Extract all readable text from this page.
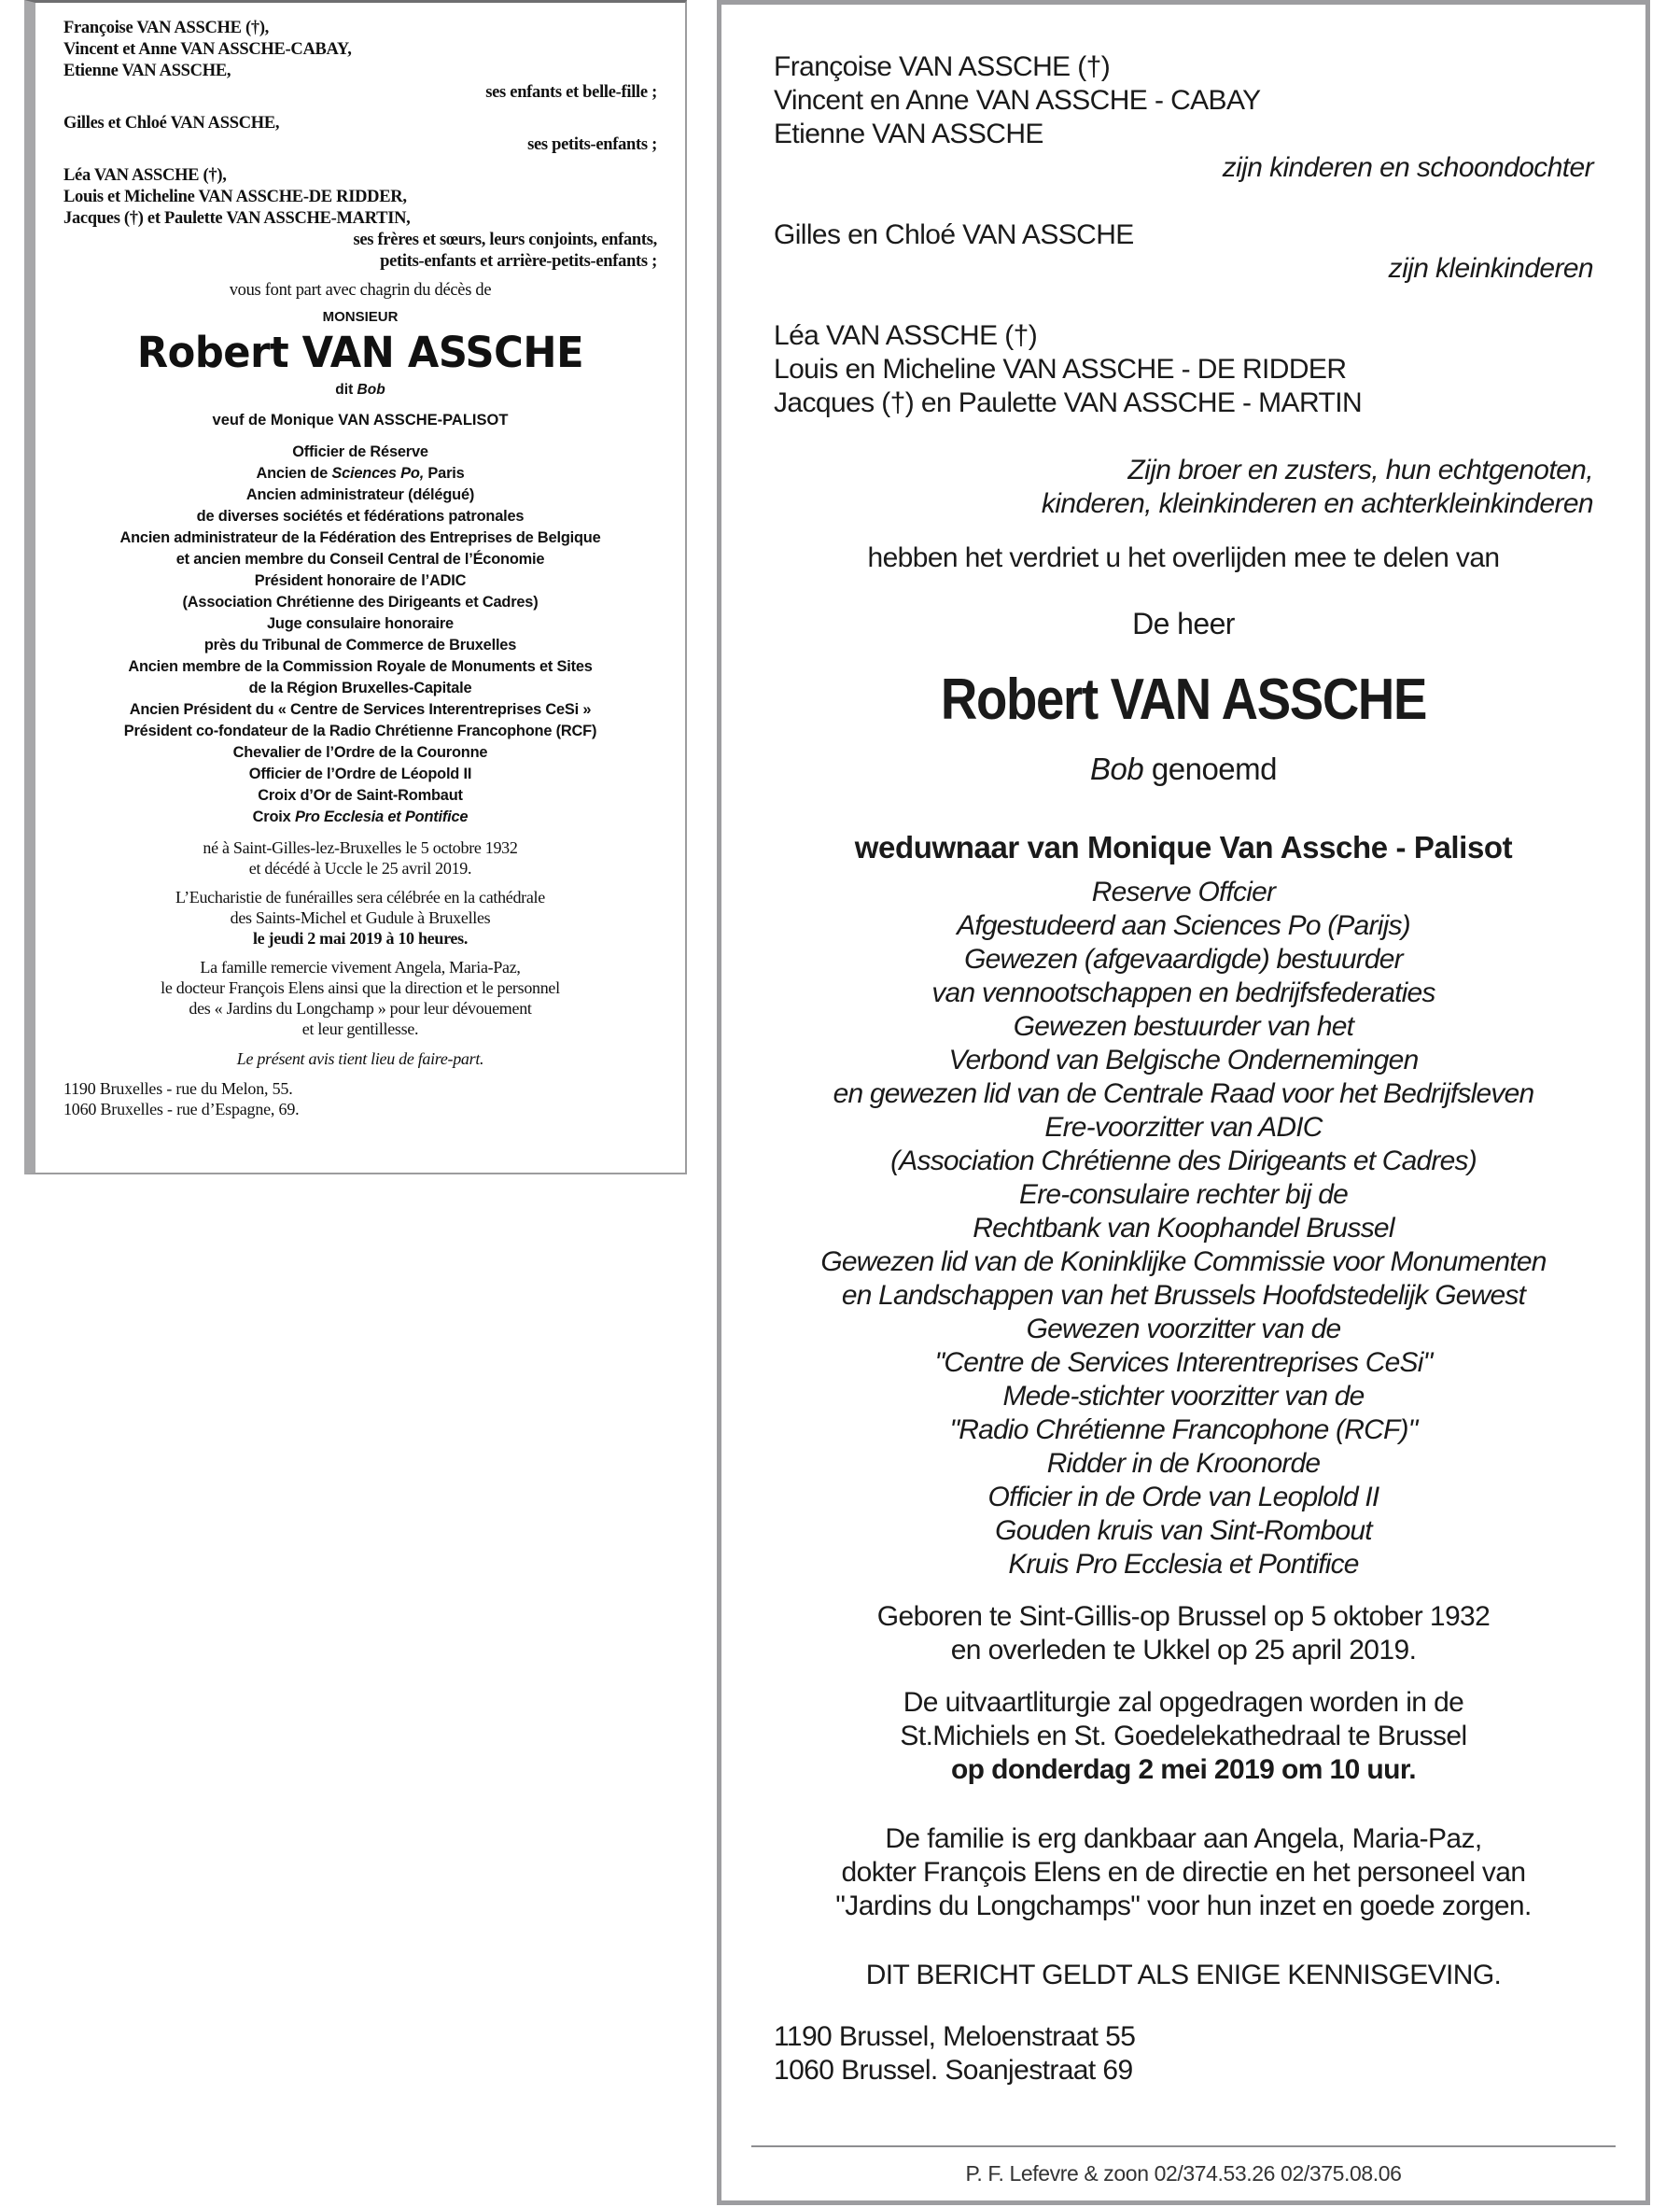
Françoise VAN ASSCHE (†),
Vincent et Anne VAN ASSCHE-CABAY,
Etienne VAN ASSCHE,
ses enfants et belle-fille ;
Gilles et Chloé VAN ASSCHE,
ses petits-enfants ;
Léa VAN ASSCHE (†),
Louis et Micheline VAN ASSCHE-DE RIDDER,
Jacques (†) et Paulette VAN ASSCHE-MARTIN,
ses frères et sœurs, leurs conjoints, enfants,
petits-enfants et arrière-petits-enfants ;
vous font part avec chagrin du décès de
MONSIEUR
Robert VAN ASSCHE
dit Bob
veuf de Monique VAN ASSCHE-PALISOT
Officier de Réserve
Ancien de Sciences Po, Paris
Ancien administrateur (délégué)
de diverses sociétés et fédérations patronales
Ancien administrateur de la Fédération des Entreprises de Belgique
et ancien membre du Conseil Central de l’Économie
Président honoraire de l’ADIC
(Association Chrétienne des Dirigeants et Cadres)
Juge consulaire honoraire
près du Tribunal de Commerce de Bruxelles
Ancien membre de la Commission Royale de Monuments et Sites
de la Région Bruxelles-Capitale
Ancien Président du « Centre de Services Interentreprises CeSi »
Président co-fondateur de la Radio Chrétienne Francophone (RCF)
Chevalier de l’Ordre de la Couronne
Officier de l’Ordre de Léopold II
Croix d’Or de Saint-Rombaut
Croix Pro Ecclesia et Pontifice
né à Saint-Gilles-lez-Bruxelles le 5 octobre 1932
et décédé à Uccle le 25 avril 2019.
L’Eucharistie de funérailles sera célébrée en la cathédrale
des Saints-Michel et Gudule à Bruxelles
le jeudi 2 mai 2019 à 10 heures.
La famille remercie vivement Angela, Maria-Paz,
le docteur François Elens ainsi que la direction et le personnel
des « Jardins du Longchamp » pour leur dévouement
et leur gentillesse.
Le présent avis tient lieu de faire-part.
1190 Bruxelles - rue du Melon, 55.
1060 Bruxelles - rue d’Espagne, 69.
Françoise VAN ASSCHE (†)
Vincent en Anne VAN ASSCHE - CABAY
Etienne VAN ASSCHE
zijn kinderen en schoondochter
Gilles en Chloé VAN ASSCHE
zijn kleinkinderen
Léa VAN ASSCHE (†)
Louis en Micheline VAN ASSCHE - DE RIDDER
Jacques (†) en Paulette VAN ASSCHE - MARTIN
Zijn broer en zusters, hun echtgenoten,
kinderen, kleinkinderen en achterkleinkinderen
hebben het verdriet u het overlijden mee te delen van
De heer
Robert VAN ASSCHE
Bob genoemd
weduwnaar van Monique Van Assche - Palisot
Reserve Offcier
Afgestudeerd aan Sciences Po (Parijs)
Gewezen (afgevaardigde) bestuurder
van vennootschappen en bedrijfsfederaties
Gewezen bestuurder van het
Verbond van Belgische Ondernemingen
en gewezen lid van de Centrale Raad voor het Bedrijfsleven
Ere-voorzitter van ADIC
(Association Chrétienne des Dirigeants et Cadres)
Ere-consulaire rechter bij de
Rechtbank van Koophandel Brussel
Gewezen lid van de Koninklijke Commissie voor Monumenten
en Landschappen van het Brussels Hoofdstedelijk Gewest
Gewezen voorzitter van de
"Centre de Services Interentreprises CeSi"
Mede-stichter voorzitter van de
"Radio Chrétienne Francophone (RCF)"
Ridder in de Kroonorde
Officier in de Orde van Leoplold II
Gouden kruis van Sint-Rombout
Kruis Pro Ecclesia et Pontifice
Geboren te Sint-Gillis-op Brussel op 5 oktober 1932
en overleden te Ukkel op 25 april 2019.
De uitvaartliturgie zal opgedragen worden in de
St.Michiels en St. Goedelekathedraal te Brussel
op donderdag 2 mei 2019 om 10 uur.
De familie is erg dankbaar aan Angela, Maria-Paz,
dokter François Elens en de directie en het personeel van
"Jardins du Longchamps" voor hun inzet en goede zorgen.
DIT BERICHT GELDT ALS ENIGE KENNISGEVING.
1190 Brussel, Meloenstraat 55
1060 Brussel. Soanjestraat 69
P. F. Lefevre & zoon 02/374.53.26 02/375.08.06
